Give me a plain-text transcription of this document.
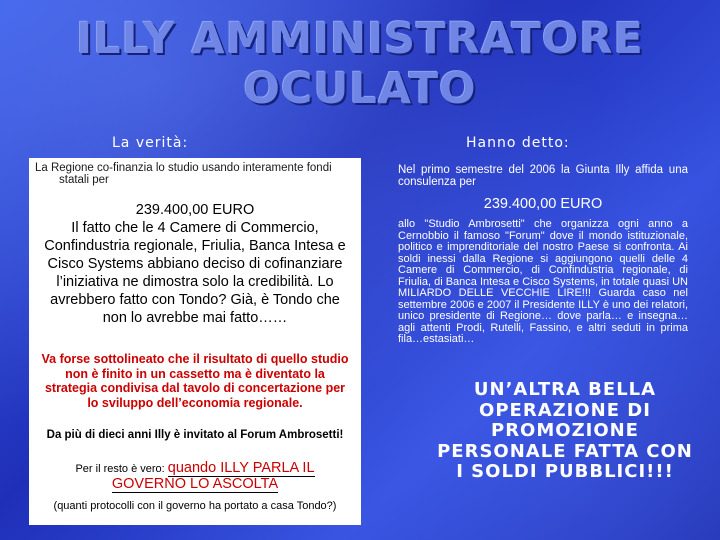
ILLY AMMINISTRATORE
OCULATO
La verità:	Hanno detto:

La Regione co-finanzia lo studio usando interamente fondi
statali per

239.400,00 EURO

Il fatto che le 4 Camere di Commercio, Confindustria regionale, Friulia, Banca Intesa e Cisco Systems abbiano deciso di cofinanziare l’iniziativa ne dimostra solo la credibilità. Lo avrebbero fatto con Tondo? Già, è Tondo che non lo avrebbe mai fatto……

Va forse sottolineato che il risultato di quello studio non è finito in un cassetto ma è diventato la strategia condivisa dal tavolo di concertazione per lo sviluppo dell’economia regionale.

Da più di dieci anni Illy è invitato al Forum Ambrosetti!

Per il resto è vero: quando ILLY PARLA IL
GOVERNO LO ASCOLTA

(quanti protocolli con il governo ha portato a casa Tondo?)

Nel primo semestre del 2006 la Giunta Illy affida una consulenza per

239.400,00 EURO

allo "Studio Ambrosetti" che organizza ogni anno a Cernobbio il famoso "Forum" dove il mondo istituzionale, politico e imprenditoriale del nostro Paese si confronta. Ai soldi inessi dalla Regione si aggiungono quelli delle 4 Camere di Commercio, di Confindustria regionale, di Friulia, di Banca Intesa e Cisco Systems, in totale quasi UN MILIARDO DELLE VECCHIE LIRE!!! Guarda caso nel settembre 2006 e 2007 il Presidente ILLY è uno dei relatori, unico presidente di Regione… dove parla… e insegna…agli attenti Prodi, Rutelli, Fassino, e altri seduti in prima fila…estasiati…

UN’ALTRA BELLA OPERAZIONE DI PROMOZIONE PERSONALE FATTA CON I SOLDI PUBBLICI!!!
